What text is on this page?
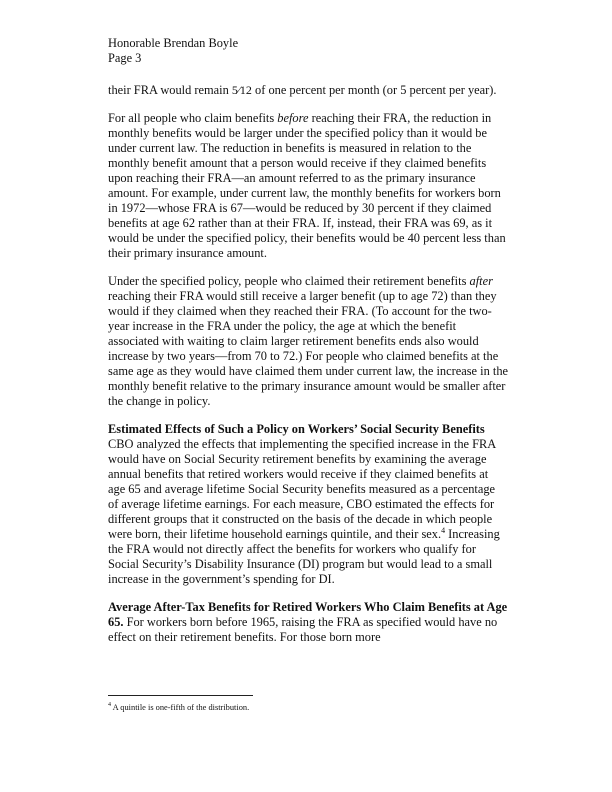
Honorable Brendan Boyle
Page 3

their FRA would remain 5⁄12 of one percent per month (or 5 percent per year).

For all people who claim benefits before reaching their FRA, the reduction in monthly benefits would be larger under the specified policy than it would be under current law. The reduction in benefits is measured in relation to the monthly benefit amount that a person would receive if they claimed benefits upon reaching their FRA—an amount referred to as the primary insurance amount. For example, under current law, the monthly benefits for workers born in 1972—whose FRA is 67—would be reduced by 30 percent if they claimed benefits at age 62 rather than at their FRA. If, instead, their FRA was 69, as it would be under the specified policy, their benefits would be 40 percent less than their primary insurance amount.

Under the specified policy, people who claimed their retirement benefits after reaching their FRA would still receive a larger benefit (up to age 72) than they would if they claimed when they reached their FRA. (To account for the two-year increase in the FRA under the policy, the age at which the benefit associated with waiting to claim larger retirement benefits ends also would increase by two years—from 70 to 72.) For people who claimed benefits at the same age as they would have claimed them under current law, the increase in the monthly benefit relative to the primary insurance amount would be smaller after the change in policy.

Estimated Effects of Such a Policy on Workers’ Social Security Benefits

CBO analyzed the effects that implementing the specified increase in the FRA would have on Social Security retirement benefits by examining the average annual benefits that retired workers would receive if they claimed benefits at age 65 and average lifetime Social Security benefits measured as a percentage of average lifetime earnings. For each measure, CBO estimated the effects for different groups that it constructed on the basis of the decade in which people were born, their lifetime household earnings quintile, and their sex.$^4$ Increasing the FRA would not directly affect the benefits for workers who qualify for Social Security’s Disability Insurance (DI) program but would lead to a small increase in the government’s spending for DI.

Average After-Tax Benefits for Retired Workers Who Claim Benefits at Age 65. For workers born before 1965, raising the FRA as specified would have no effect on their retirement benefits. For those born more

$^4$ A quintile is one-fifth of the distribution.
